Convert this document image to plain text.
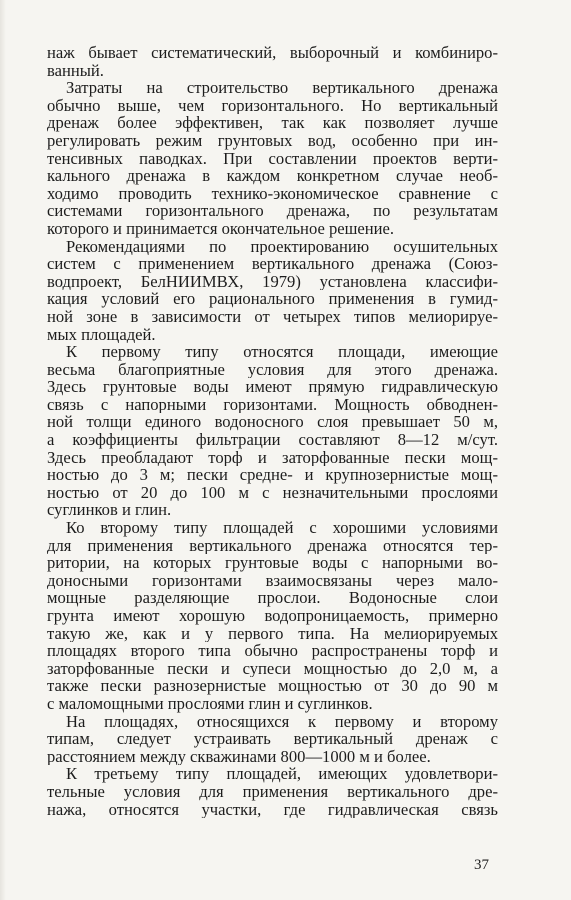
наж бывает систематический, выборочный и комбиниро-
ванный.
Затраты на строительство вертикального дренажа
обычно выше, чем горизонтального. Но вертикальный
дренаж более эффективен, так как позволяет лучше
регулировать режим грунтовых вод, особенно при ин-
тенсивных паводках. При составлении проектов верти-
кального дренажа в каждом конкретном случае необ-
ходимо проводить технико-экономическое сравнение с
системами горизонтального дренажа, по результатам
которого и принимается окончательное решение.
Рекомендациями по проектированию осушительных
систем с применением вертикального дренажа (Союз-
водпроект, БелНИИМВХ, 1979) установлена классифи-
кация условий его рационального применения в гумид-
ной зоне в зависимости от четырех типов мелиорируе-
мых площадей.
К первому типу относятся площади, имеющие
весьма благоприятные условия для этого дренажа.
Здесь грунтовые воды имеют прямую гидравлическую
связь с напорными горизонтами. Мощность обводнен-
ной толщи единого водоносного слоя превышает 50 м,
а коэффициенты фильтрации составляют 8—12 м/сут.
Здесь преобладают торф и заторфованные пески мощ-
ностью до 3 м; пески средне- и крупнозернистые мощ-
ностью от 20 до 100 м с незначительными прослоями
суглинков и глин.
Ко второму типу площадей с хорошими условиями
для применения вертикального дренажа относятся тер-
ритории, на которых грунтовые воды с напорными во-
доносными горизонтами взаимосвязаны через мало-
мощные разделяющие прослои. Водоносные слои
грунта имеют хорошую водопроницаемость, примерно
такую же, как и у первого типа. На мелиорируемых
площадях второго типа обычно распространены торф и
заторфованные пески и супеси мощностью до 2,0 м, а
также пески разнозернистые мощностью от 30 до 90 м
с маломощными прослоями глин и суглинков.
На площадях, относящихся к первому и второму
типам, следует устраивать вертикальный дренаж с
расстоянием между скважинами 800—1000 м и более.
К третьему типу площадей, имеющих удовлетвори-
тельные условия для применения вертикального дре-
нажа, относятся участки, где гидравлическая связь
37
